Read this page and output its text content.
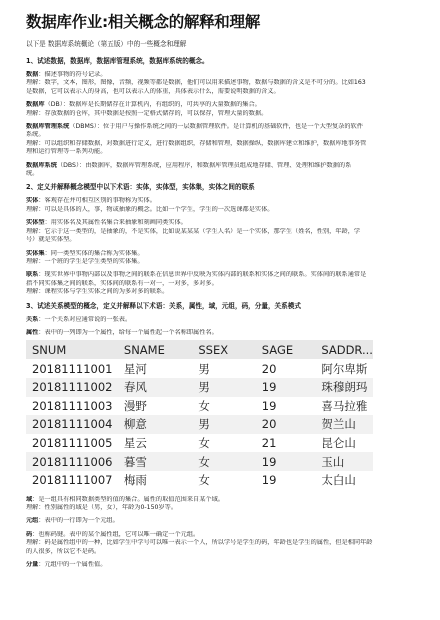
数据库作业:相关概念的解释和理解
以下是 数据库系统概论（第五版）中的一些概念和理解
1、试述数据，数据库，数据库管理系统，数据库系统的概念。
数据：描述事物的符号记录。
理解：数字，文本，图形，图像，音频，视频等都是数据，他们可以用来描述事物，数据与数据的含义是不可分的。比如163
是数据，它可以表示人的身高，也可以表示人的体重，具体表示什么，需要说明数据的含义。
数据库（DB）：数据库是长期储存在计算机内，有组织的，可共享的大量数据的集合。
理解：存放数据的仓库，其中数据是按照一定格式储存的，可以保存，管理大量的数据。
数据库管理系统（DBMS）：位于用户与操作系统之间的一层数据管理软件。是计算机的基础软件，也是一个大型复杂的软件
系统。
理解：可以组织和存储数据，对数据进行定义，进行数据组织，存储和管理，数据操纵，数据库建立和维护，数据库地事务管
理和运行管理等一系列功能。
数据库系统（DBS）：由数据库，数据库管理系统，应用程序，和数据库管理员组成地存储、管理、处理和维护数据的系
统。
2、定义并解释概念模型中以下术语：实体，实体型，实体集，实体之间的联系
实体：客观存在并可相互区别的事物称为实体。
理解：可以是具体的人，事，物或抽象的概念。比如一个学生，学生的一次选课都是实体。
实体型：用实体名及其属性名集合来抽象和刻画同类实体。
理解：它示于这一类型的，是抽象的，不是实体，比如说某某某（学生人名）是一个实体，那学生（姓名，性别，年龄，学
号）就是实体型。
实体集：同一类型实体的集合称为实体集。
理解：一个班的学生是学生类型的实体集。
联系：现实世界中事物内部以及事物之间的联系在信息世界中反映为实体内部的联系和实体之间的联系。实体间的联系通常是
指不同实体集之间的联系，实体间的联系有一对一，一对多，多对多。
理解：课程实体与学生实体之间的为多对多的联系。
3、试述关系模型的概念，定义并解释以下术语：关系，属性，域，元组，码，分量，关系模式
关系：一个关系对应通常说的一张表。
属性：表中的一列即为一个属性，给每一个属性起一个名称即属性名。
SNUM	SNAME	SSEX	SAGE	SADDR...
20181111001	星河	男	20	阿尔卑斯
20181111002	春风	男	19	珠穆朗玛
20181111003	漫野	女	19	喜马拉雅
20181111004	柳意	男	20	贺兰山
20181111005	星云	女	21	昆仑山
20181111006	暮雪	女	19	玉山
20181111007	梅雨	女	19	太白山
域：是一组具有相同数据类型的值的集合。属性的取值范围来自某个域。
理解：性别属性的域是（男，女），年龄为0-150岁等。
元组：表中的一行即为一个元组。
码：也称码键。表中的某个属性组，它可以唯一确定一个元组。
理解：码是属性组中的一种，比如学生中学号可以唯一表示一个人，所以学号是学生的码，年龄也是学生的属性，但是相同年龄
的人很多，所以它不是码。
分量：元组中的一个属性值。
